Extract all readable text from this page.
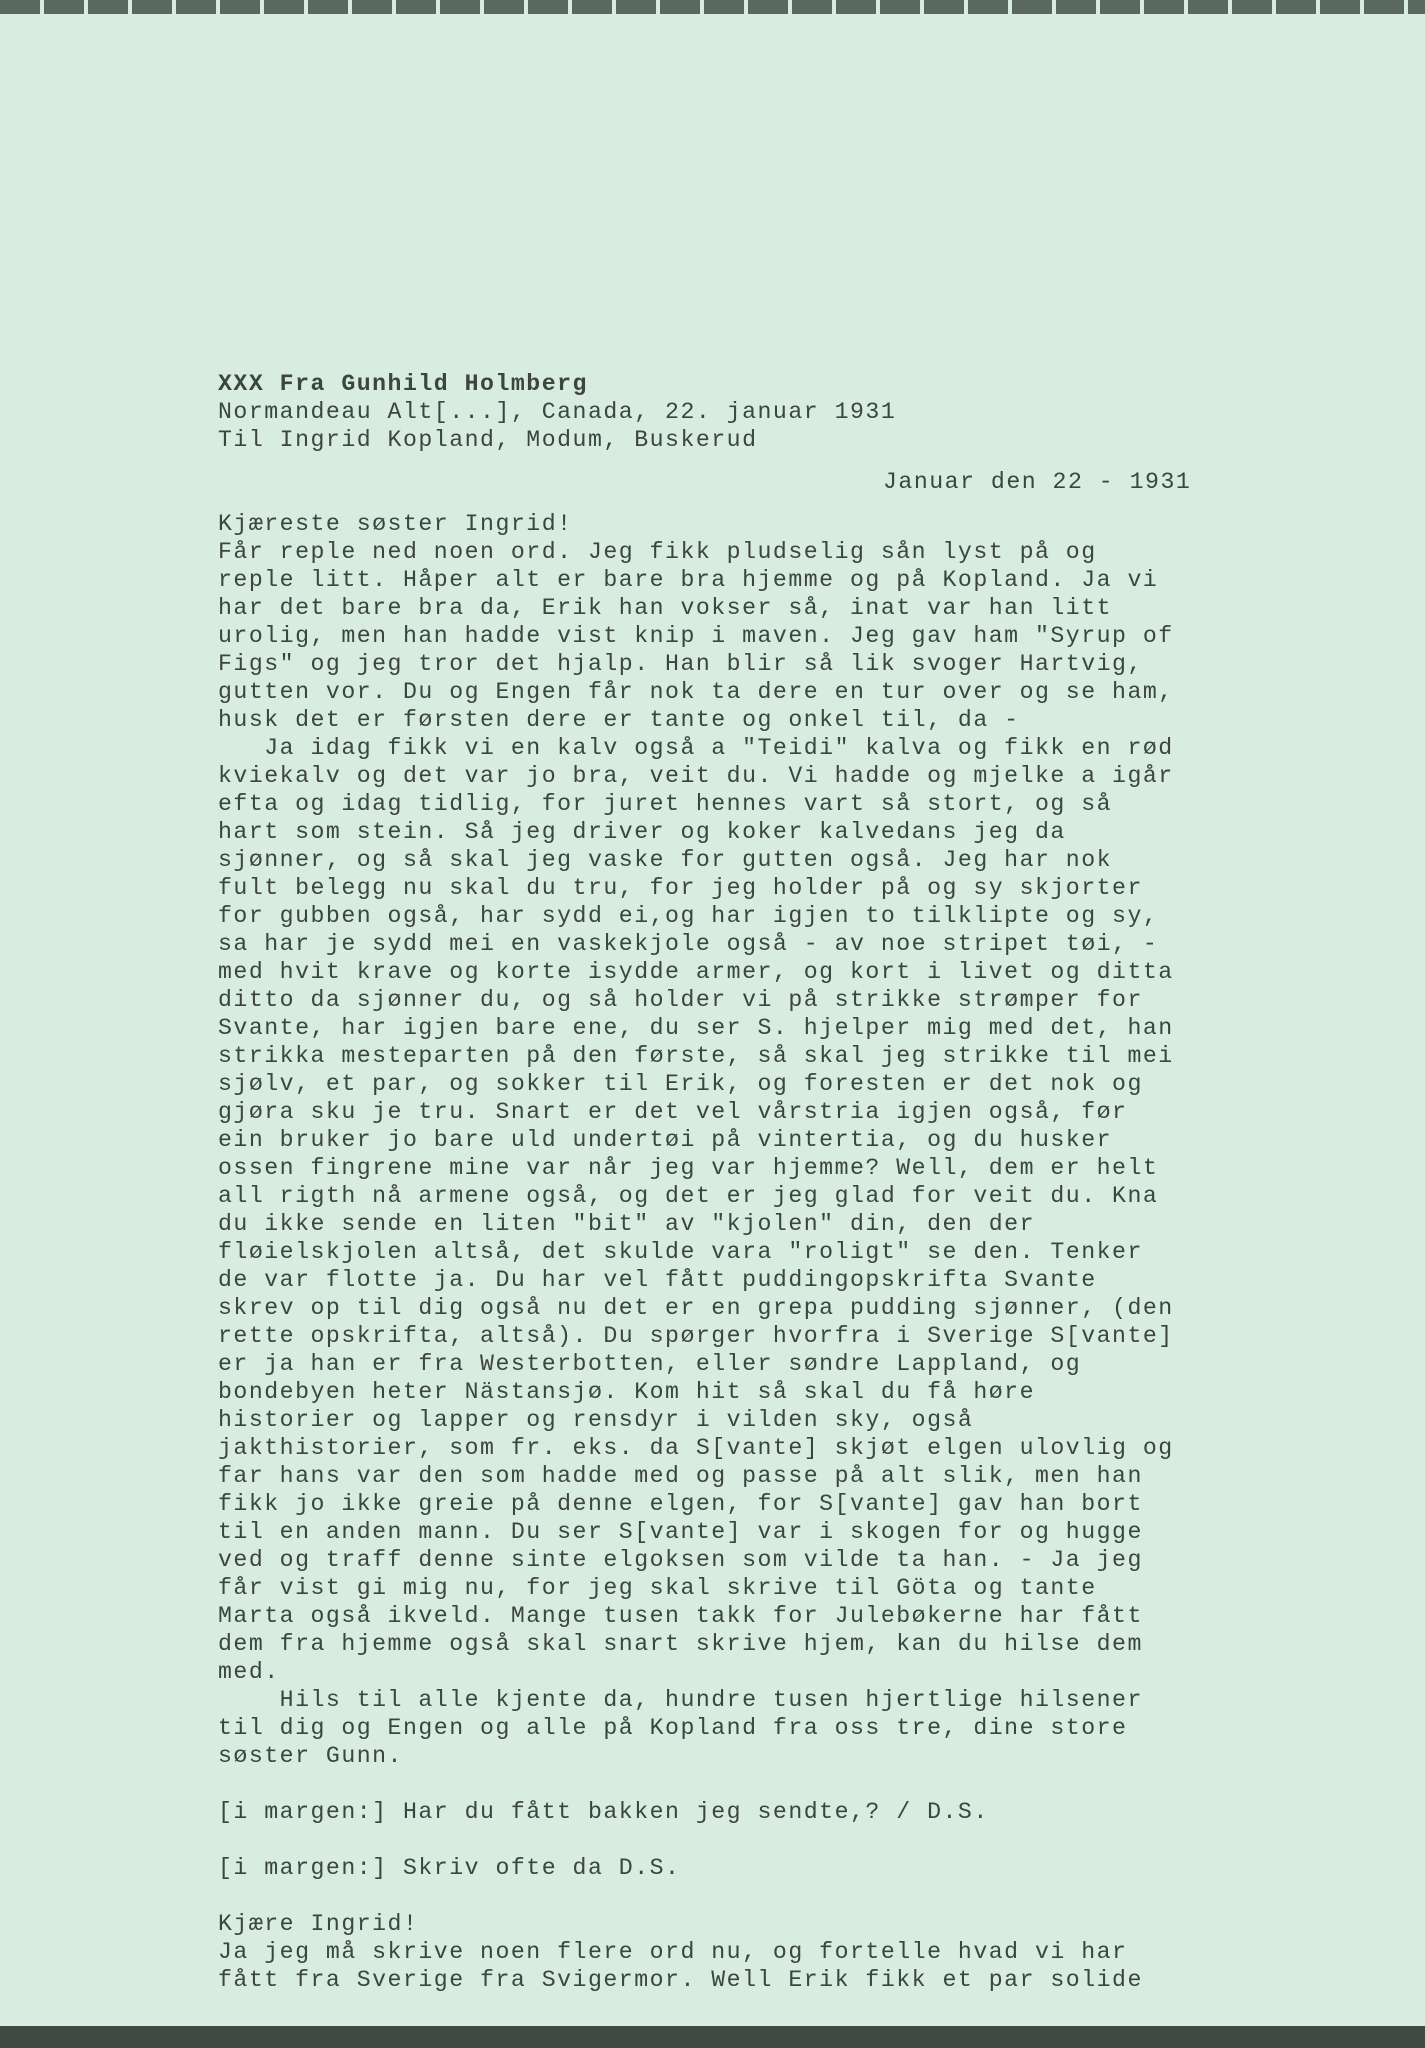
XXX Fra Gunhild Holmberg
Normandeau Alt[...], Canada, 22. januar 1931
Til Ingrid Kopland, Modum, Buskerud
Januar den 22 - 1931
Kjæreste søster Ingrid!
Får reple ned noen ord. Jeg fikk pludselig sån lyst på og
reple litt. Håper alt er bare bra hjemme og på Kopland. Ja vi
har det bare bra da, Erik han vokser så, inat var han litt
urolig, men han hadde vist knip i maven. Jeg gav ham "Syrup of
Figs" og jeg tror det hjalp. Han blir så lik svoger Hartvig,
gutten vor. Du og Engen får nok ta dere en tur over og se ham,
husk det er førsten dere er tante og onkel til, da -
Ja idag fikk vi en kalv også a "Teidi" kalva og fikk en rød
kviekalv og det var jo bra, veit du. Vi hadde og mjelke a igår
efta og idag tidlig, for juret hennes vart så stort, og så
hart som stein. Så jeg driver og koker kalvedans jeg da
sjønner, og så skal jeg vaske for gutten også. Jeg har nok
fult belegg nu skal du tru, for jeg holder på og sy skjorter
for gubben også, har sydd ei,og har igjen to tilklipte og sy,
sa har je sydd mei en vaskekjole også - av noe stripet tøi, -
med hvit krave og korte isydde armer, og kort i livet og ditta
ditto da sjønner du, og så holder vi på strikke strømper for
Svante, har igjen bare ene, du ser S. hjelper mig med det, han
strikka mesteparten på den første, så skal jeg strikke til mei
sjølv, et par, og sokker til Erik, og foresten er det nok og
gjøra sku je tru. Snart er det vel vårstria igjen også, før
ein bruker jo bare uld undertøi på vintertia, og du husker
ossen fingrene mine var når jeg var hjemme? Well, dem er helt
all rigth nå armene også, og det er jeg glad for veit du. Kna
du ikke sende en liten "bit" av "kjolen" din, den der
fløielskjolen altså, det skulde vara "roligt" se den. Tenker
de var flotte ja. Du har vel fått puddingopskrifta Svante
skrev op til dig også nu det er en grepa pudding sjønner, (den
rette opskrifta, altså). Du spørger hvorfra i Sverige S[vante]
er ja han er fra Westerbotten, eller søndre Lappland, og
bondebyen heter Nästansjø. Kom hit så skal du få høre
historier og lapper og rensdyr i vilden sky, også
jakthistorier, som fr. eks. da S[vante] skjøt elgen ulovlig og
far hans var den som hadde med og passe på alt slik, men han
fikk jo ikke greie på denne elgen, for S[vante] gav han bort
til en anden mann. Du ser S[vante] var i skogen for og hugge
ved og traff denne sinte elgoksen som vilde ta han. - Ja jeg
får vist gi mig nu, for jeg skal skrive til Göta og tante
Marta også ikveld. Mange tusen takk for Julebøkerne har fått
dem fra hjemme også skal snart skrive hjem, kan du hilse dem
med.
Hils til alle kjente da, hundre tusen hjertlige hilsener
til dig og Engen og alle på Kopland fra oss tre, dine store
søster Gunn.
[i margen:] Har du fått bakken jeg sendte,? / D.S.
[i margen:] Skriv ofte da D.S.
Kjære Ingrid!
Ja jeg må skrive noen flere ord nu, og fortelle hvad vi har
fått fra Sverige fra Svigermor. Well Erik fikk et par solide
